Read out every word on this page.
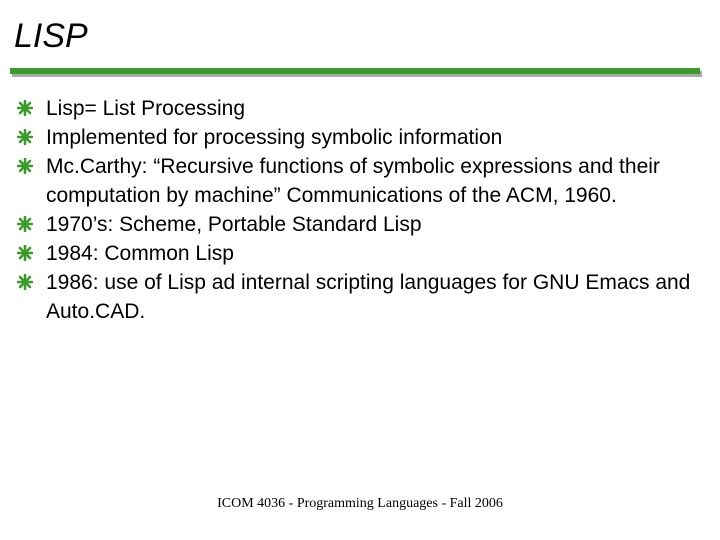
LISP
Lisp= List Processing
Implemented for processing symbolic information
Mc.Carthy: “Recursive functions of symbolic expressions and their computation by machine” Communications of the ACM, 1960.
1970’s: Scheme, Portable Standard Lisp
1984: Common Lisp
1986: use of Lisp ad internal scripting languages for GNU Emacs and Auto.CAD.
ICOM 4036 - Programming Languages - Fall 2006
